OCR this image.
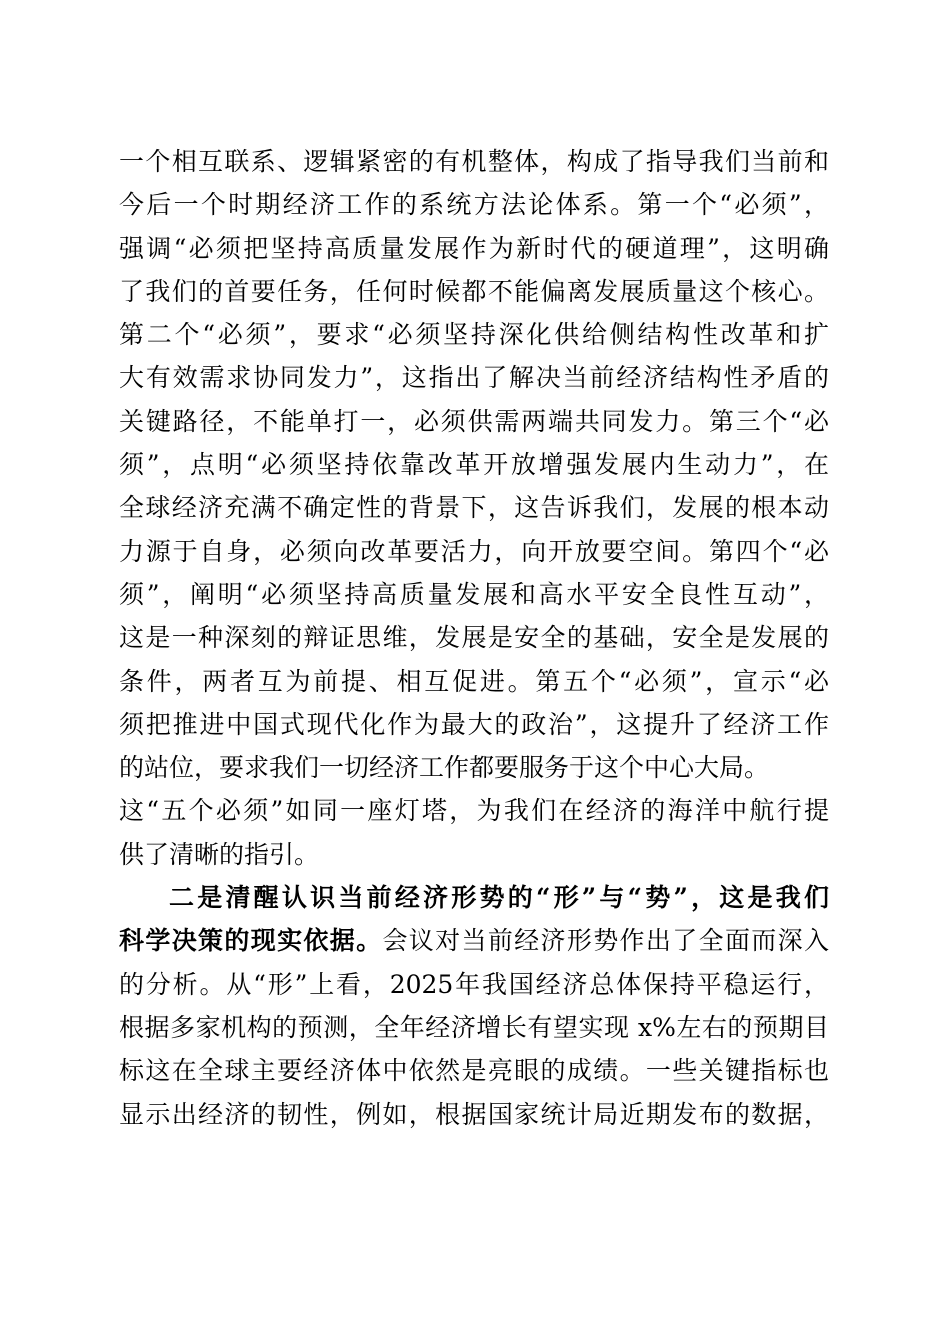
一个相互联系、逻辑紧密的有机整体，构成了指导我们当前和
今后一个时期经济工作的系统方法论体系。第一个“必须”，
强调“必须把坚持高质量发展作为新时代的硬道理”，这明确
了我们的首要任务，任何时候都不能偏离发展质量这个核心。
第二个“必须”，要求“必须坚持深化供给侧结构性改革和扩
大有效需求协同发力”，这指出了解决当前经济结构性矛盾的
关键路径，不能单打一，必须供需两端共同发力。第三个“必
须”，点明“必须坚持依靠改革开放增强发展内生动力”，在
全球经济充满不确定性的背景下，这告诉我们，发展的根本动
力源于自身，必须向改革要活力，向开放要空间。第四个“必
须”，阐明“必须坚持高质量发展和高水平安全良性互动”，
这是一种深刻的辩证思维，发展是安全的基础，安全是发展的
条件，两者互为前提、相互促进。第五个“必须”，宣示“必
须把推进中国式现代化作为最大的政治”，这提升了经济工作
的站位，要求我们一切经济工作都要服务于这个中心大局。
这“五个必须”如同一座灯塔，为我们在经济的海洋中航行提
供了清晰的指引。
二是清醒认识当前经济形势的“形”与“势”，这是我们
科学决策的现实依据。会议对当前经济形势作出了全面而深入
的分析。从“形”上看，2025年我国经济总体保持平稳运行，
根据多家机构的预测，全年经济增长有望实现 x%左右的预期目
标这在全球主要经济体中依然是亮眼的成绩。一些关键指标也
显示出经济的韧性，例如，根据国家统计局近期发布的数据，
